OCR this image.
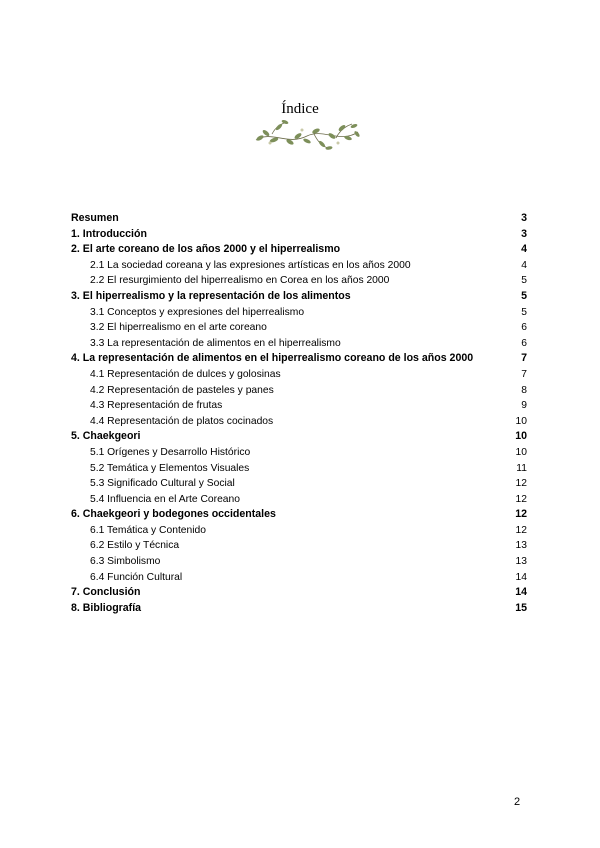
Índice
Resumen	3
1. Introducción	3
2. El arte coreano de los años 2000 y el hiperrealismo	4
2.1 La sociedad coreana y las expresiones artísticas en los años 2000	4
2.2 El resurgimiento del hiperrealismo en Corea en los años 2000	5
3. El hiperrealismo y la representación de los alimentos	5
3.1 Conceptos y expresiones del hiperrealismo	5
3.2 El hiperrealismo en el arte coreano	6
3.3 La representación de alimentos en el hiperrealismo	6
4. La representación de alimentos en el hiperrealismo coreano de los años 2000	7
4.1 Representación de dulces y golosinas	7
4.2 Representación de pasteles y panes	8
4.3 Representación de frutas	9
4.4 Representación de platos cocinados	10
5. Chaekgeori	10
5.1 Orígenes y Desarrollo Histórico	10
5.2 Temática y Elementos Visuales	11
5.3 Significado Cultural y Social	12
5.4 Influencia en el Arte Coreano	12
6. Chaekgeori y bodegones occidentales	12
6.1 Temática y Contenido	12
6.2 Estilo y Técnica	13
6.3 Simbolismo	13
6.4 Función Cultural	14
7. Conclusión	14
8. Bibliografía	15
2
